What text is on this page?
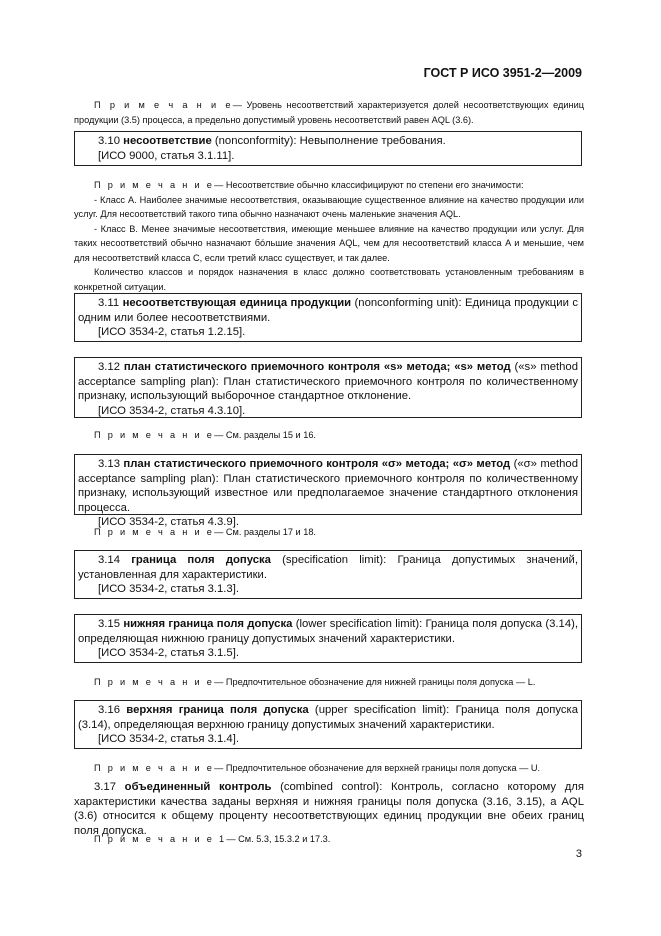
ГОСТ Р ИСО 3951-2—2009

П р и м е ч а н и е— Уровень несоответствий характеризуется долей несоответствующих единиц продукции (3.5) процесса, а предельно допустимый уровень несоответствий равен AQL (3.6).

3.10 несоответствие (nonconformity): Невыполнение требования.
[ИСО 9000, статья 3.1.11].

П р и м е ч а н и е— Несоответствие обычно классифицируют по степени его значимости:

- Класс A. Наиболее значимые несоответствия, оказывающие существенное влияние на качество продукции или услуг. Для несоответствий такого типа обычно назначают очень маленькие значения AQL.

- Класс B. Менее значимые несоответствия, имеющие меньшее влияние на качество продукции или услуг. Для таких несоответствий обычно назначают бо́льшие значения AQL, чем для несоответствий класса A и меньшие, чем для несоответствий класса C, если третий класс существует, и так далее.

Количество классов и порядок назначения в класс должно соответствовать установленным требованиям в конкретной ситуации.

3.11 несоответствующая единица продукции (nonconforming unit): Единица продукции с одним или более несоответствиями.
[ИСО 3534-2, статья 1.2.15].

3.12 план статистического приемочного контроля «s» метода; «s» метод («s» method acceptance sampling plan): План статистического приемочного контроля по количественному признаку, использующий выборочное стандартное отклонение.
[ИСО 3534-2, статья 4.3.10].

П р и м е ч а н и е— См. разделы 15 и 16.

3.13 план статистического приемочного контроля «σ» метода; «σ» метод («σ» method acceptance sampling plan): План статистического приемочного контроля по количественному признаку, использующий известное или предполагаемое значение стандартного отклонения процесса.
[ИСО 3534-2, статья 4.3.9].

П р и м е ч а н и е— См. разделы 17 и 18.

3.14 граница поля допуска (specification limit): Граница допустимых значений, установленная для характеристики.
[ИСО 3534-2, статья 3.1.3].

3.15 нижняя граница поля допуска (lower specification limit): Граница поля допуска (3.14), определяющая нижнюю границу допустимых значений характеристики.
[ИСО 3534-2, статья 3.1.5].

П р и м е ч а н и е— Предпочтительное обозначение для нижней границы поля допуска — L.

3.16 верхняя граница поля допуска (upper specification limit): Граница поля допуска (3.14), определяющая верхнюю границу допустимых значений характеристики.
[ИСО 3534-2, статья 3.1.4].

П р и м е ч а н и е— Предпочтительное обозначение для верхней границы поля допуска — U.

3.17 объединенный контроль (combined control): Контроль, согласно которому для характеристики качества заданы верхняя и нижняя границы поля допуска (3.16, 3.15), а AQL (3.6) относится к общему проценту несоответствующих единиц продукции вне обеих границ поля допуска.

П р и м е ч а н и е 1— См. 5.3, 15.3.2 и 17.3.

3
